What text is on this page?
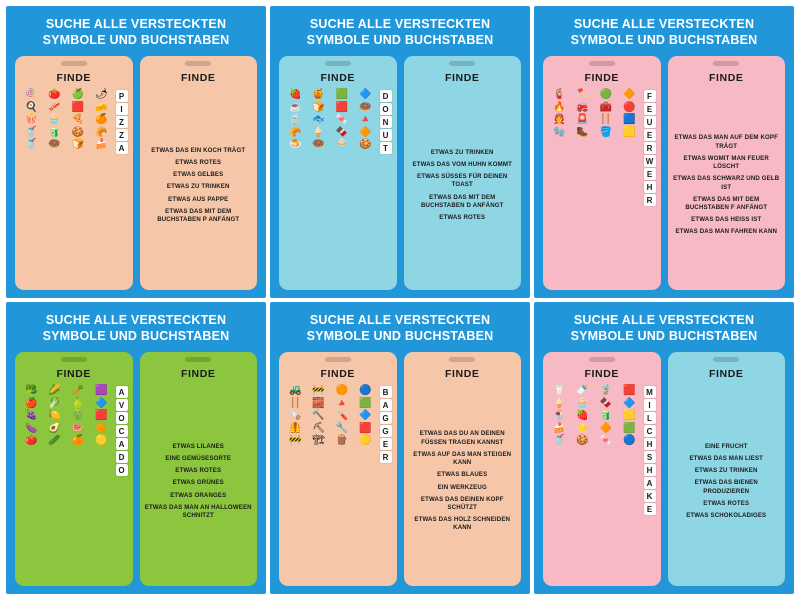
SUCHE ALLE VERSTECKTEN SYMBOLE UND BUCHSTABEN
FINDE
🍭	🍅	🍏	🌶
🍳	🥓	🟥	🧀
🍿	🧁	🍕	🍊
🥤	🧃	🍪	🥐
🥤	🍩	🍞	🍰
P
I
Z
Z
A
FINDE
ETWAS DAS EIN KOCH TRÄGT
ETWAS ROTES
ETWAS GELBES
ETWAS ZU TRINKEN
ETWAS AUS PAPPE
ETWAS DAS MIT DEM BUCHSTABEN P ANFÄNGT
SUCHE ALLE VERSTECKTEN SYMBOLE UND BUCHSTABEN
FINDE
🍓	🍯	🟩	🔷
☕	🍞	🟥	🍩
🍵	🐟	🍬	🔺
🥐	🍦	🍫	🔶
🍮	🍩	🧁	🍪
D
O
N
U
T
FINDE
ETWAS ZU TRINKEN
ETWAS DAS VOM HUHN KOMMT
ETWAS SÜSSES FÜR DEINEN TOAST
ETWAS DAS MIT DEM BUCHSTABEN D ANFÄNGT
ETWAS ROTES
SUCHE ALLE VERSTECKTEN SYMBOLE UND BUCHSTABEN
FINDE
🧯	🪓	🟢	🔶
🔥	🚒	🧰	🔴
👨‍🚒	🚨	🪜	🟦
🧤	🥾	🪣	🟨
F
E
U
E
R
W
E
H
R
FINDE
ETWAS DAS MAN AUF DEM KOPF TRÄGT
ETWAS WOMIT MAN FEUER LÖSCHT
ETWAS DAS SCHWARZ UND GELB IST
ETWAS DAS MIT DEM BUCHSTABEN F ANFÄNGT
ETWAS DAS HEISS IST
ETWAS DAS MAN FAHREN KANN
SUCHE ALLE VERSTECKTEN SYMBOLE UND BUCHSTABEN
FINDE
🥦	🌽	🥕	🟪
🍎	🥬	🍐	🔷
🍇	🍋	🫑	🟥
🍆	🥑	🍉	🔶
🍅	🥒	🍊	🟡
A
V
O
C
A
D
O
FINDE
ETWAS LILANES
EINE GEMÜSESORTE
ETWAS ROTES
ETWAS GRÜNES
ETWAS ORANGES
ETWAS DAS MAN AN HALLOWEEN SCHNITZT
SUCHE ALLE VERSTECKTEN SYMBOLE UND BUCHSTABEN
FINDE
🚜	🚧	🟠	🔵
🪜	🧱	🔺	🟩
🪚	🔨	🪛	🔷
🦺	⛏	🔧	🟥
🚧	🏗	🪵	🟡
B
A
G
G
E
R
FINDE
ETWAS DAS DU AN DEINEN FÜSSEN TRAGEN KANNST
ETWAS AUF DAS MAN STEIGEN KANN
ETWAS BLAUES
EIN WERKZEUG
ETWAS DAS DEINEN KOPF SCHÜTZT
ETWAS DAS HOLZ SCHNEIDEN KANN
SUCHE ALLE VERSTECKTEN SYMBOLE UND BUCHSTABEN
FINDE
🥛	🍼	🧋	🟥
🍦	🧁	🍫	🔷
🍨	🍓	🧃	🟨
🍰	⭐	🔶	🟩
🥤	🍪	🍬	🔵
M
I
L
C
H
S
H
A
K
E
FINDE
EINE FRUCHT
ETWAS DAS MAN LIEST
ETWAS ZU TRINKEN
ETWAS DAS BIENEN PRODUZIEREN
ETWAS ROTES
ETWAS SCHOKOLADIGES
